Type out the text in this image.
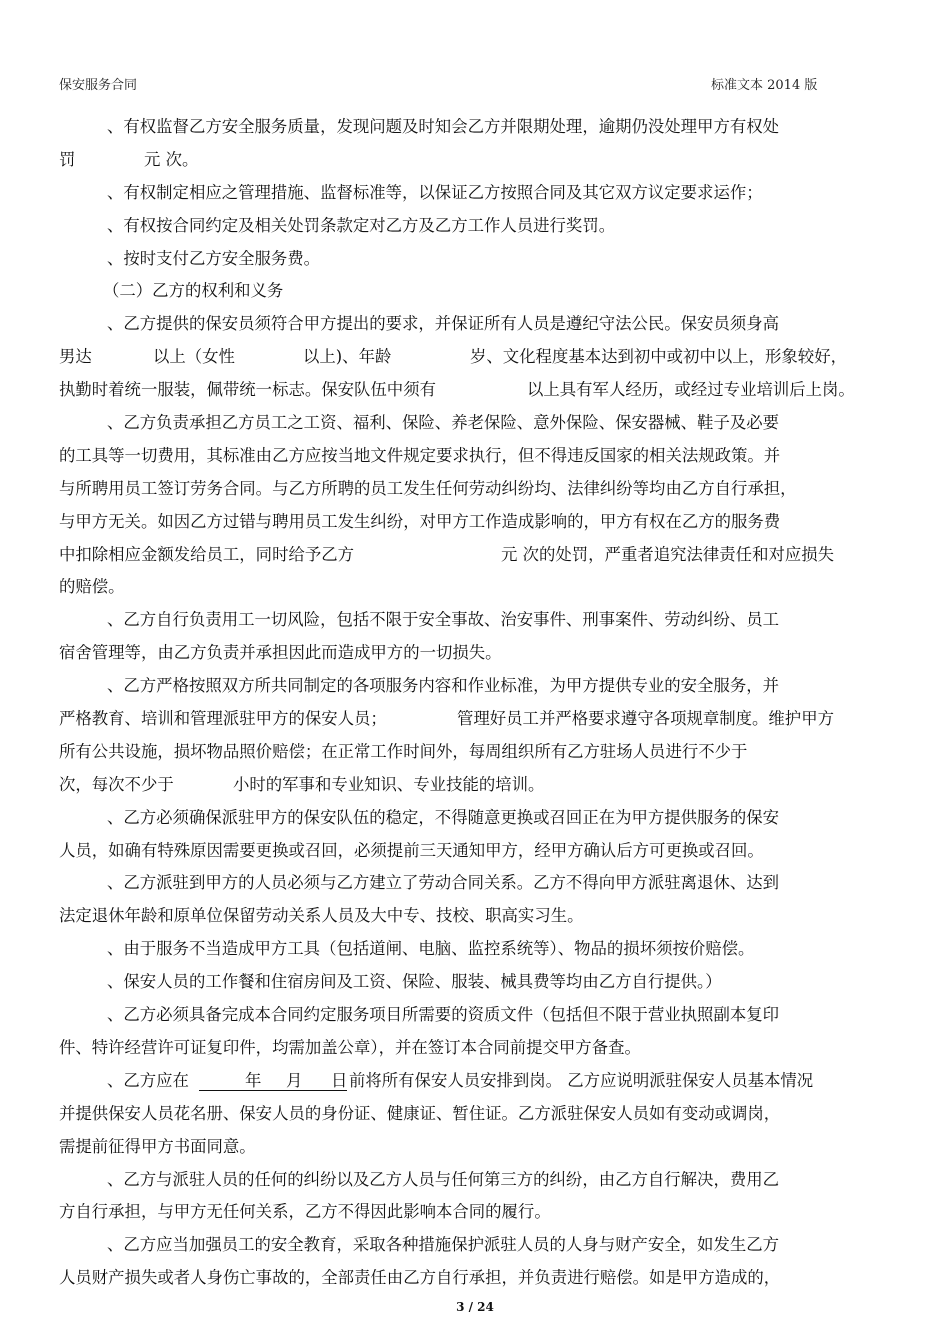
保安服务合同	标准文本 2014 版
、有权监督乙方安全服务质量，发现问题及时知会乙方并限期处理，逾期仍没处理甲方有权处
罚	元 次。
、有权制定相应之管理措施、监督标准等，以保证乙方按照合同及其它双方议定要求运作；
、有权按合同约定及相关处罚条款定对乙方及乙方工作人员进行奖罚。
、按时支付乙方安全服务费。
（二）乙方的权利和义务
、乙方提供的保安员须符合甲方提出的要求，并保证所有人员是遵纪守法公民。保安员须身高
男达	以上（女性	以上)、年龄	岁、文化程度基本达到初中或初中以上，形象较好，
执勤时着统一服装，佩带统一标志。保安队伍中须有	以上具有军人经历，或经过专业培训后上岗。
、乙方负责承担乙方员工之工资、福利、保险、养老保险、意外保险、保安器械、鞋子及必要
的工具等一切费用，其标准由乙方应按当地文件规定要求执行，但不得违反国家的相关法规政策。并
与所聘用员工签订劳务合同。与乙方所聘的员工发生任何劳动纠纷均、法律纠纷等均由乙方自行承担，
与甲方无关。如因乙方过错与聘用员工发生纠纷，对甲方工作造成影响的，甲方有权在乙方的服务费
中扣除相应金额发给员工，同时给予乙方	元 次的处罚，严重者追究法律责任和对应损失
的赔偿。
、乙方自行负责用工一切风险，包括不限于安全事故、治安事件、刑事案件、劳动纠纷、员工
宿舍管理等，由乙方负责并承担因此而造成甲方的一切损失。
、乙方严格按照双方所共同制定的各项服务内容和作业标准，为甲方提供专业的安全服务，并
严格教育、培训和管理派驻甲方的保安人员；	管理好员工并严格要求遵守各项规章制度。维护甲方
所有公共设施，损坏物品照价赔偿；在正常工作时间外，每周组织所有乙方驻场人员进行不少于
次，每次不少于	小时的军事和专业知识、专业技能的培训。
、乙方必须确保派驻甲方的保安队伍的稳定，不得随意更换或召回正在为甲方提供服务的保安
人员，如确有特殊原因需要更换或召回，必须提前三天通知甲方，经甲方确认后方可更换或召回。
、乙方派驻到甲方的人员必须与乙方建立了劳动合同关系。乙方不得向甲方派驻离退休、达到
法定退休年龄和原单位保留劳动关系人员及大中专、技校、职高实习生。
、由于服务不当造成甲方工具（包括道闸、电脑、监控系统等）、物品的损坏须按价赔偿。
、保安人员的工作餐和住宿房间及工资、保险、服装、械具费等均由乙方自行提供。）
、乙方必须具备完成本合同约定服务项目所需要的资质文件（包括但不限于营业执照副本复印
件、特许经营许可证复印件，均需加盖公章），并在签订本合同前提交甲方备查。
、乙方应在	年 月 日 前将所有保安人员安排到岗。 乙方应说明派驻保安人员基本情况
并提供保安人员花名册、保安人员的身份证、健康证、暂住证。乙方派驻保安人员如有变动或调岗，
需提前征得甲方书面同意。
、乙方与派驻人员的任何的纠纷以及乙方人员与任何第三方的纠纷，由乙方自行解决，费用乙
方自行承担，与甲方无任何关系，乙方不得因此影响本合同的履行。
、乙方应当加强员工的安全教育，采取各种措施保护派驻人员的人身与财产安全，如发生乙方
人员财产损失或者人身伤亡事故的，全部责任由乙方自行承担，并负责进行赔偿。如是甲方造成的，
3 / 24
